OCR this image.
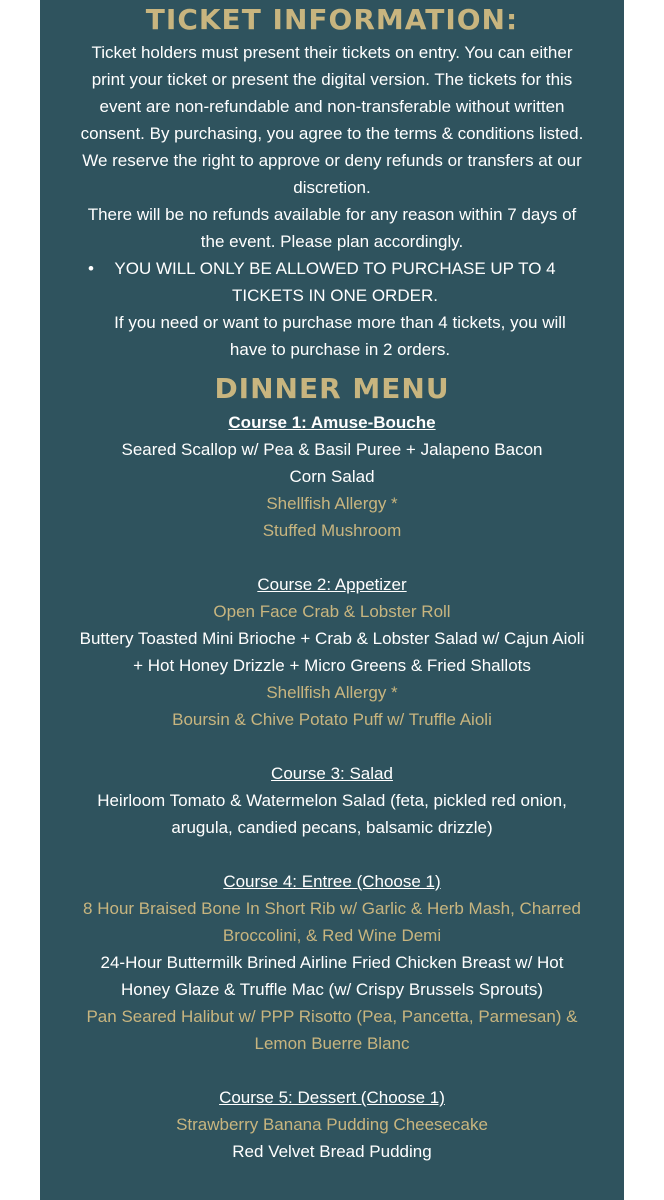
TICKET INFORMATION:

Ticket holders must present their tickets on entry. You can either print your ticket or present the digital version. The tickets for this event are non-refundable and non-transferable without written consent. By purchasing, you agree to the terms & conditions listed. We reserve the right to approve or deny refunds or transfers at our discretion.

There will be no refunds available for any reason within 7 days of the event. Please plan accordingly.

• YOU WILL ONLY BE ALLOWED TO PURCHASE UP TO 4 TICKETS IN ONE ORDER.

If you need or want to purchase more than 4 tickets, you will have to purchase in 2 orders.

DINNER MENU
Course 1: Amuse-Bouche
Seared Scallop w/ Pea & Basil Puree + Jalapeno Bacon Corn Salad
Shellfish Allergy *
Stuffed Mushroom
Course 2: Appetizer
Open Face Crab & Lobster Roll
Buttery Toasted Mini Brioche + Crab & Lobster Salad w/ Cajun Aioli + Hot Honey Drizzle + Micro Greens & Fried Shallots
Shellfish Allergy *
Boursin & Chive Potato Puff w/ Truffle Aioli
Course 3: Salad
Heirloom Tomato & Watermelon Salad (feta, pickled red onion, arugula, candied pecans, balsamic drizzle)
Course 4: Entree (Choose 1)
8 Hour Braised Bone In Short Rib w/ Garlic & Herb Mash, Charred Broccolini, & Red Wine Demi
24-Hour Buttermilk Brined Airline Fried Chicken Breast w/ Hot Honey Glaze & Truffle Mac (w/ Crispy Brussels Sprouts)
Pan Seared Halibut w/ PPP Risotto (Pea, Pancetta, Parmesan) & Lemon Buerre Blanc
Course 5: Dessert (Choose 1)
Strawberry Banana Pudding Cheesecake
Red Velvet Bread Pudding
